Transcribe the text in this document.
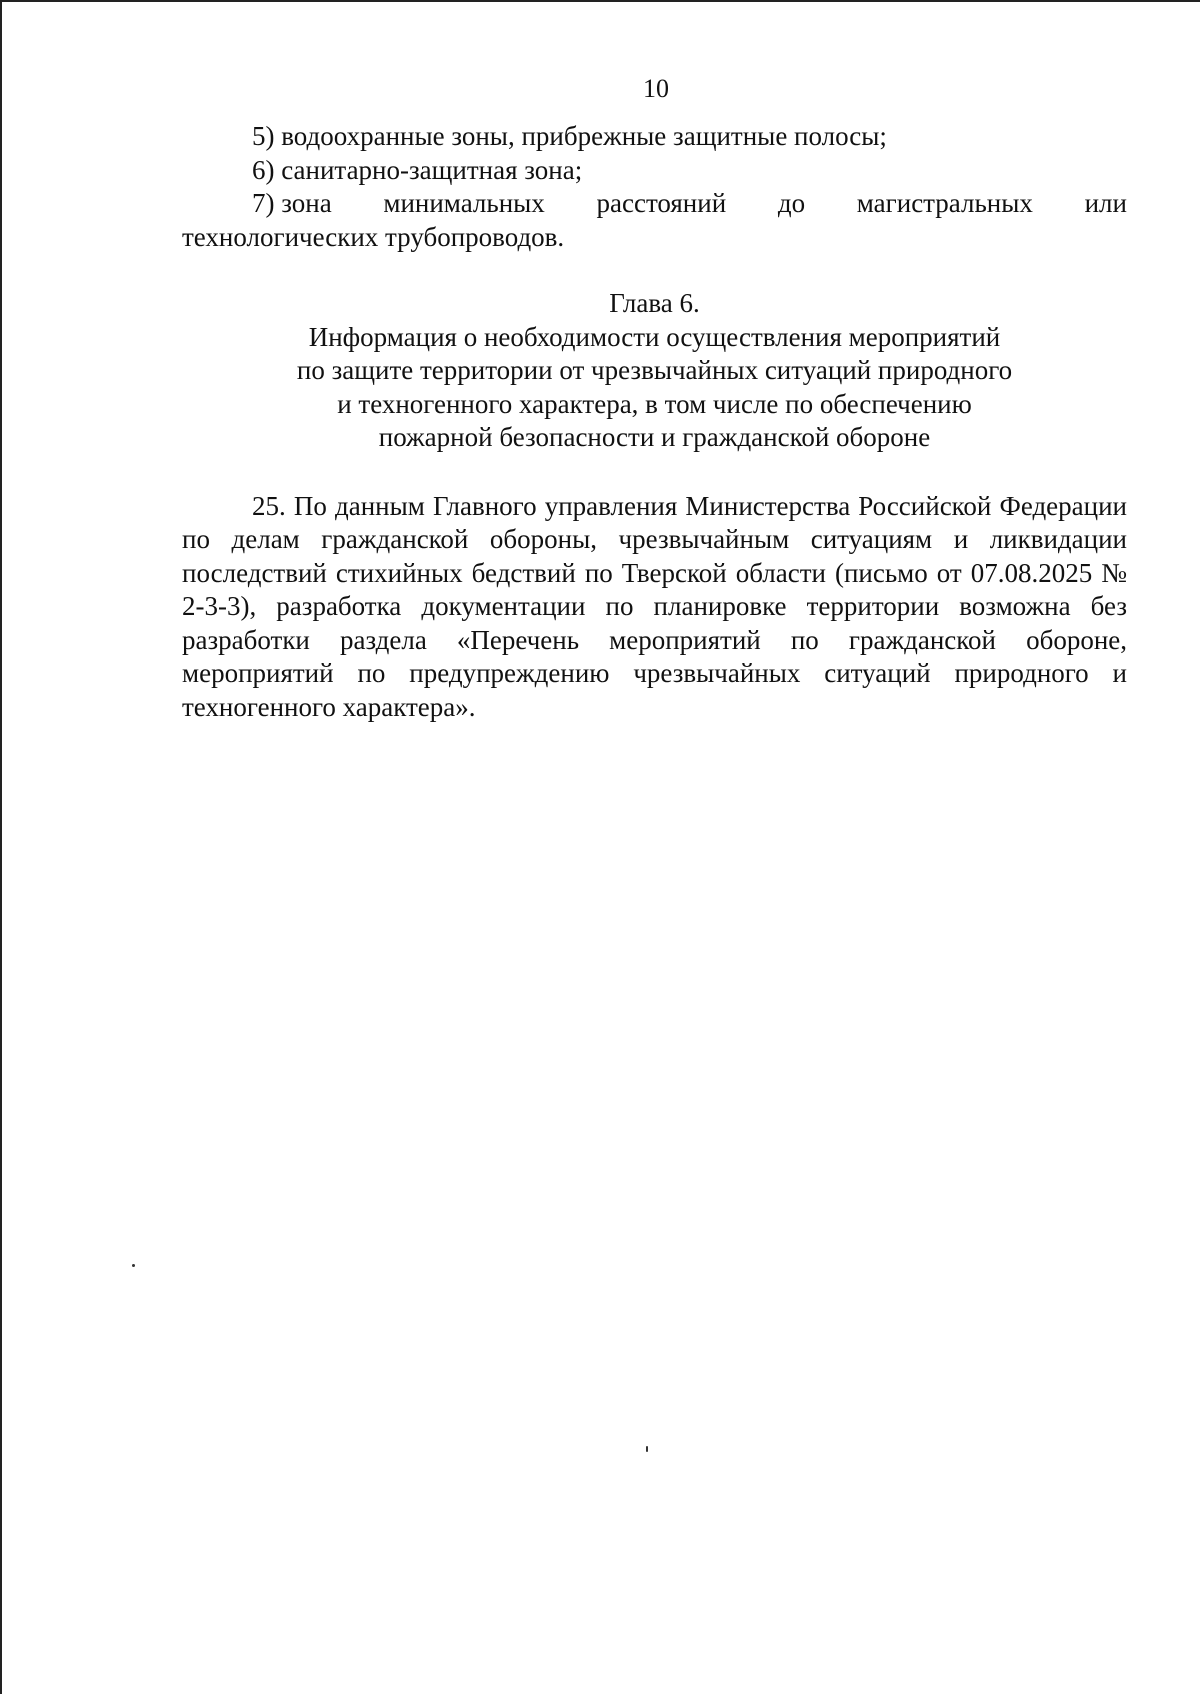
10

5) водоохранные зоны, прибрежные защитные полосы;

6) санитарно-защитная зона;

7) зона минимальных расстояний до магистральных или

технологических трубопроводов.

Глава 6.
Информация о необходимости осуществления мероприятий
по защите территории от чрезвычайных ситуаций природного
и техногенного характера, в том числе по обеспечению
пожарной безопасности и гражданской обороне

25. По данным Главного управления Министерства Российской Федерации по делам гражданской обороны, чрезвычайным ситуациям и ликвидации последствий стихийных бедствий по Тверской области (письмо от 07.08.2025 № 2-3-3), разработка документации по планировке территории возможна без разработки раздела «Перечень мероприятий по гражданской обороне, мероприятий по предупреждению чрезвычайных ситуаций природного и техногенного характера».
